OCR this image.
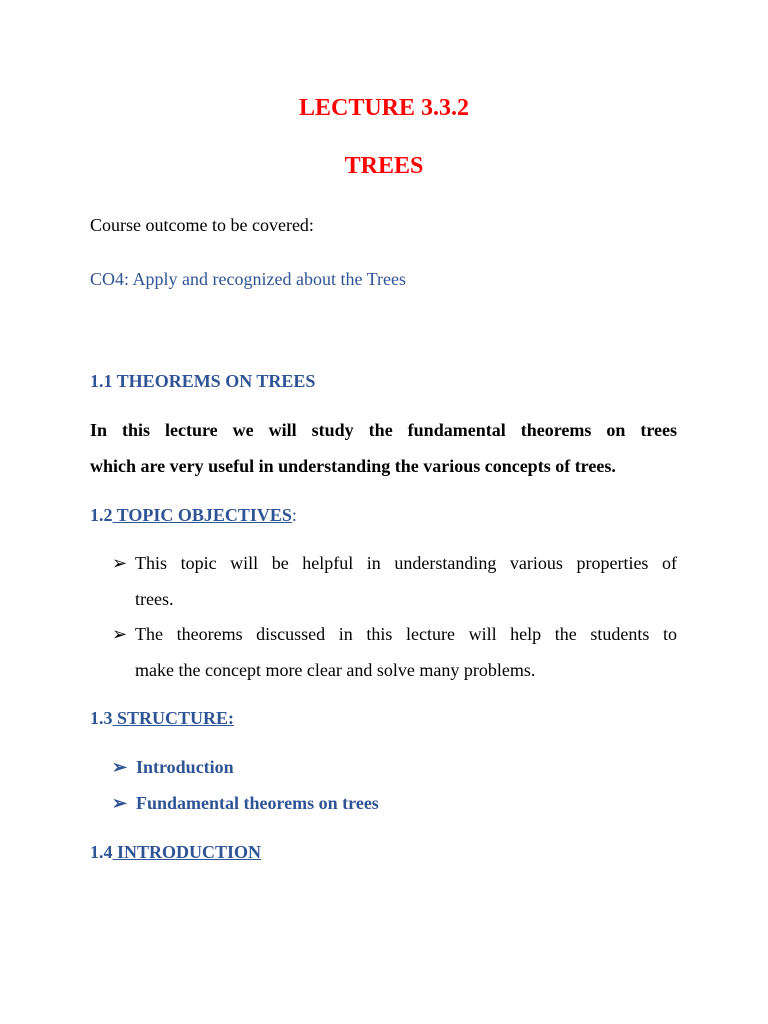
LECTURE 3.3.2
TREES
Course outcome to be covered:
CO4: Apply and recognized about the Trees
1.1 THEOREMS ON TREES
In this lecture we will study the fundamental theorems on trees
which are very useful in understanding the various concepts of trees.
1.2 TOPIC OBJECTIVES:
➢ This topic will be helpful in understanding various properties of
trees.
➢ The theorems discussed in this lecture will help the students to
make the concept more clear and solve many problems.
1.3 STRUCTURE:
➢ Introduction
➢ Fundamental theorems on trees
1.4 INTRODUCTION
